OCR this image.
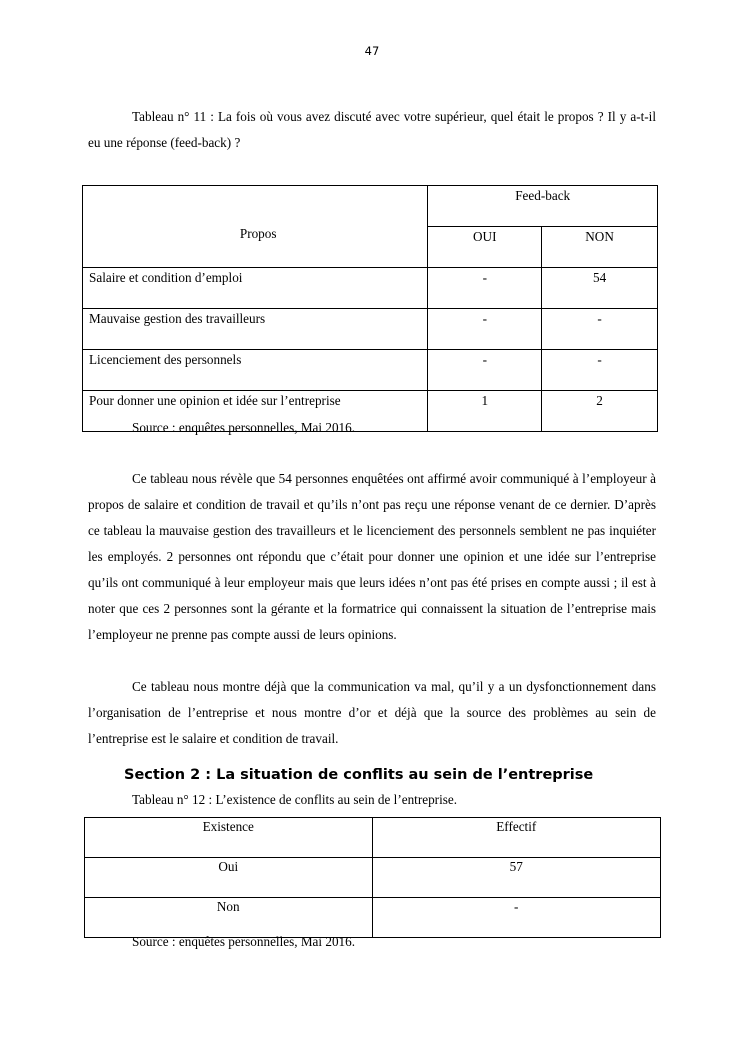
47
Tableau n° 11 : La fois où vous avez discuté avec votre supérieur, quel était le propos ? Il y a-t-il eu une réponse (feed-back) ?
Propos	Feed-back	
	OUI	NON
Salaire et condition d’emploi	-	54
Mauvaise gestion des travailleurs	-	-
Licenciement des personnels	-	-
Pour donner une opinion et idée sur l’entreprise	1	2
Source : enquêtes personnelles, Mai 2016.
Ce tableau nous révèle que 54 personnes enquêtées ont affirmé avoir communiqué à l’employeur à propos de salaire et condition de travail et qu’ils n’ont pas reçu une réponse venant de ce dernier. D’après ce tableau la mauvaise gestion des travailleurs et le licenciement des personnels semblent ne pas inquiéter les employés. 2 personnes ont répondu que c’était pour donner une opinion et une idée sur l’entreprise qu’ils ont communiqué à leur employeur mais que leurs idées n’ont pas été prises en compte aussi ; il est à noter que ces 2 personnes sont la gérante et la formatrice qui connaissent la situation de l’entreprise mais l’employeur ne prenne pas compte aussi de leurs opinions.
Ce tableau nous montre déjà que la communication va mal, qu’il y a un dysfonctionnement dans l’organisation de l’entreprise et nous montre d’or et déjà que la source des problèmes au sein de l’entreprise est le salaire et condition de travail.
Section 2 : La situation de conflits au sein de l’entreprise
Tableau n° 12 : L’existence de conflits au sein de l’entreprise.
Existence	Effectif
Oui	57
Non	-
Source : enquêtes personnelles, Mai 2016.
